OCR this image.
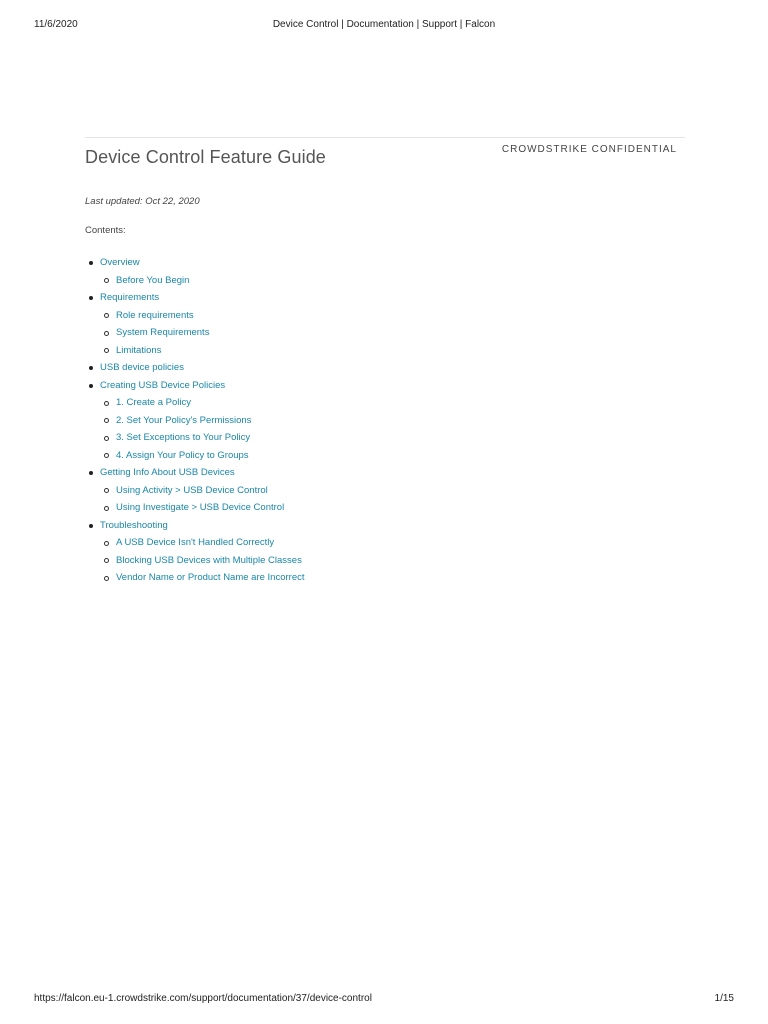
11/6/2020	Device Control | Documentation | Support | Falcon
Device Control Feature Guide	CROWDSTRIKE CONFIDENTIAL
Last updated: Oct 22, 2020
Contents:
Overview
Before You Begin
Requirements
Role requirements
System Requirements
Limitations
USB device policies
Creating USB Device Policies
1. Create a Policy
2. Set Your Policy's Permissions
3. Set Exceptions to Your Policy
4. Assign Your Policy to Groups
Getting Info About USB Devices
Using Activity > USB Device Control
Using Investigate > USB Device Control
Troubleshooting
A USB Device Isn't Handled Correctly
Blocking USB Devices with Multiple Classes
Vendor Name or Product Name are Incorrect
https://falcon.eu-1.crowdstrike.com/support/documentation/37/device-control	1/15
